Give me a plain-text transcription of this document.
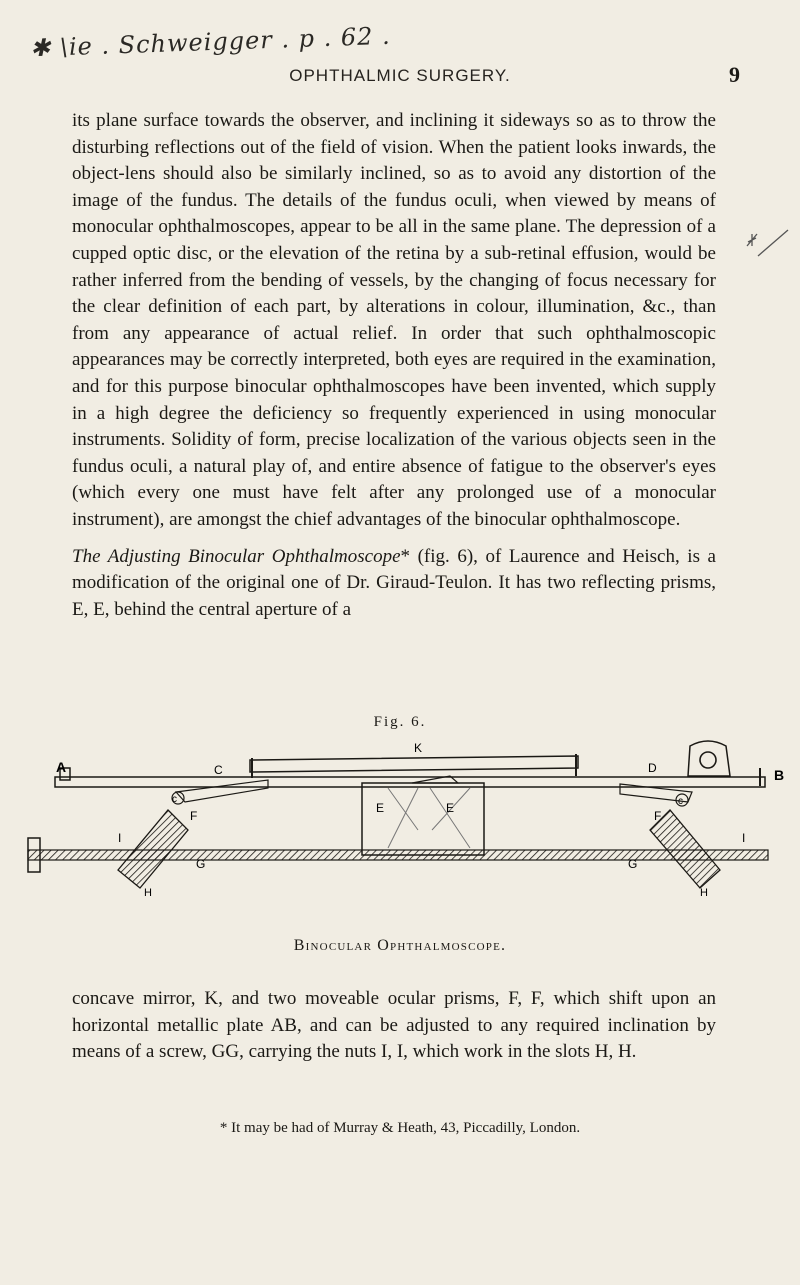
✱ \ie . Schweigger . p . 62 .
OPHTHALMIC SURGERY.	9

its plane surface towards the observer, and inclining it sideways so as to throw the disturbing reflections out of the field of vision. When the patient looks inwards, the object-lens should also be similarly inclined, so as to avoid any distortion of the image of the fundus. The details of the fundus oculi, when viewed by means of monocular ophthalmoscopes, appear to be all in the same plane. The depression of a cupped optic disc, or the elevation of the retina by a sub-retinal effusion, would be rather inferred from the bending of vessels, by the changing of focus necessary for the clear definition of each part, by alterations in colour, illumination, &c., than from any appearance of actual relief. In order that such ophthalmoscopic appearances may be correctly interpreted, both eyes are required in the examination, and for this purpose binocular ophthalmoscopes have been invented, which supply in a high degree the deficiency so frequently experienced in using monocular instruments. Solidity of form, precise localization of the various objects seen in the fundus oculi, a natural play of, and entire absence of fatigue to the observer's eyes (which every one must have felt after any prolonged use of a monocular instrument), are amongst the chief advantages of the binocular ophthalmoscope.

The Adjusting Binocular Ophthalmoscope* (fig. 6), of Laurence and Heisch, is a modification of the original one of Dr. Giraud-Teulon. It has two reflecting prisms, E, E, behind the central aperture of a

Fig. 6.
A	B
C	D
K
E	E
F	F
G	G
H	H
I	I
c	c
Binocular Ophthalmoscope.

concave mirror, K, and two moveable ocular prisms, F, F, which shift upon an horizontal metallic plate AB, and can be adjusted to any required inclination by means of a screw, GG, carrying the nuts I, I, which work in the slots H, H.

* It may be had of Murray & Heath, 43, Piccadilly, London.
